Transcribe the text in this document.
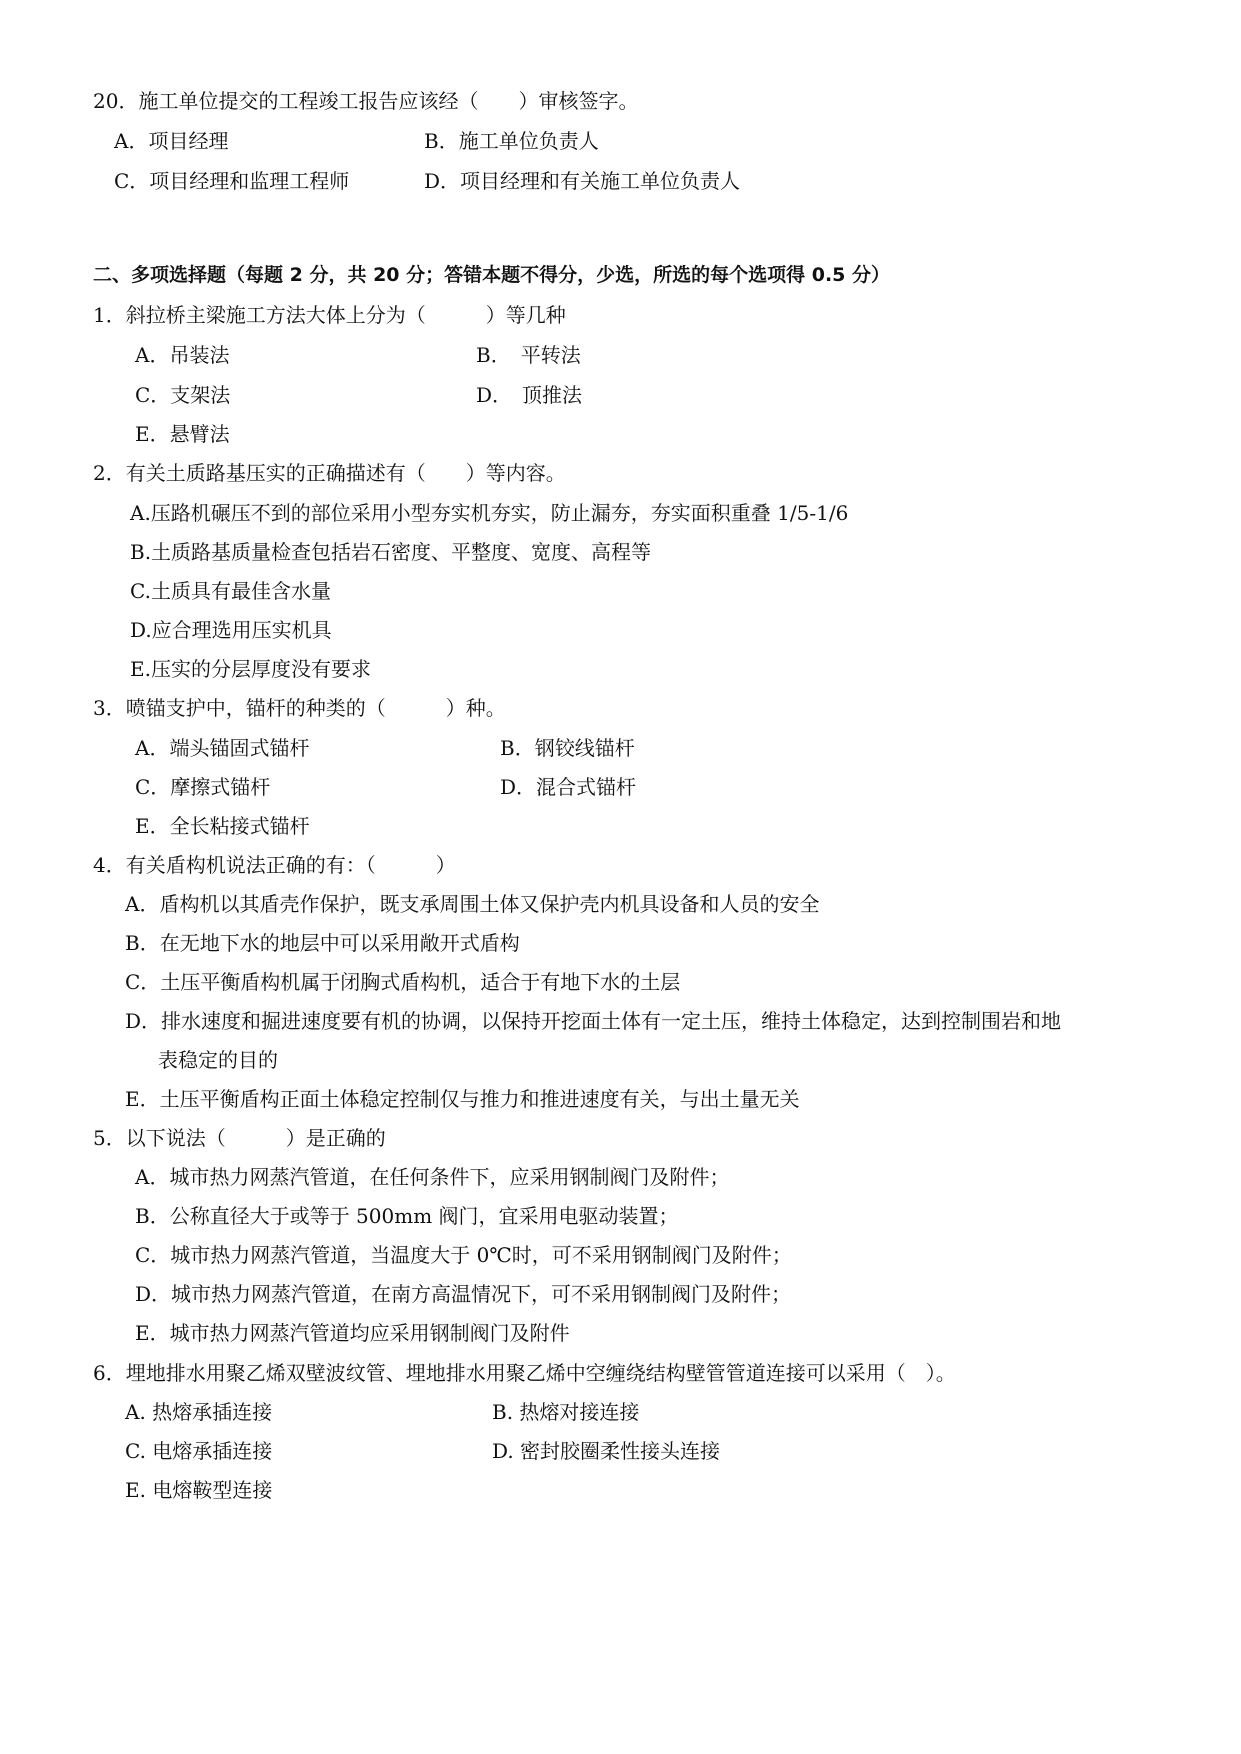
20．施工单位提交的工程竣工报告应该经（　　）审核签字。
A．项目经理	B．施工单位负责人
C．项目经理和监理工程师	D．项目经理和有关施工单位负责人
二、多项选择题（每题 2 分，共 20 分；答错本题不得分，少选，所选的每个选项得 0.5 分）
1．斜拉桥主梁施工方法大体上分为（　　　）等几种
A．吊装法	B．　平转法
C．支架法	D．　顶推法
E．悬臂法
2．有关土质路基压实的正确描述有（　　）等内容。
A.压路机碾压不到的部位采用小型夯实机夯实，防止漏夯，夯实面积重叠 1/5-1/6
B.土质路基质量检查包括岩石密度、平整度、宽度、高程等
C.土质具有最佳含水量
D.应合理选用压实机具
E.压实的分层厚度没有要求
3．喷锚支护中，锚杆的种类的（　　　）种。
A．端头锚固式锚杆	B．钢铰线锚杆
C．摩擦式锚杆	D．混合式锚杆
E．全长粘接式锚杆
4．有关盾构机说法正确的有：（　　　）
A．盾构机以其盾壳作保护，既支承周围土体又保护壳内机具设备和人员的安全
B．在无地下水的地层中可以采用敞开式盾构
C．土压平衡盾构机属于闭胸式盾构机，适合于有地下水的土层
D．排水速度和掘进速度要有机的协调，以保持开挖面土体有一定土压，维持土体稳定，达到控制围岩和地
表稳定的目的
E．土压平衡盾构正面土体稳定控制仅与推力和推进速度有关，与出土量无关
5．以下说法（　　　）是正确的
A．城市热力网蒸汽管道，在任何条件下，应采用钢制阀门及附件；
B．公称直径大于或等于 500mm 阀门，宜采用电驱动装置；
C．城市热力网蒸汽管道，当温度大于 0℃时，可不采用钢制阀门及附件；
D．城市热力网蒸汽管道，在南方高温情况下，可不采用钢制阀门及附件；
E．城市热力网蒸汽管道均应采用钢制阀门及附件
6．埋地排水用聚乙烯双壁波纹管、埋地排水用聚乙烯中空缠绕结构壁管管道连接可以采用（　）。
A. 热熔承插连接	B. 热熔对接连接
C. 电熔承插连接	D. 密封胶圈柔性接头连接
E. 电熔鞍型连接
